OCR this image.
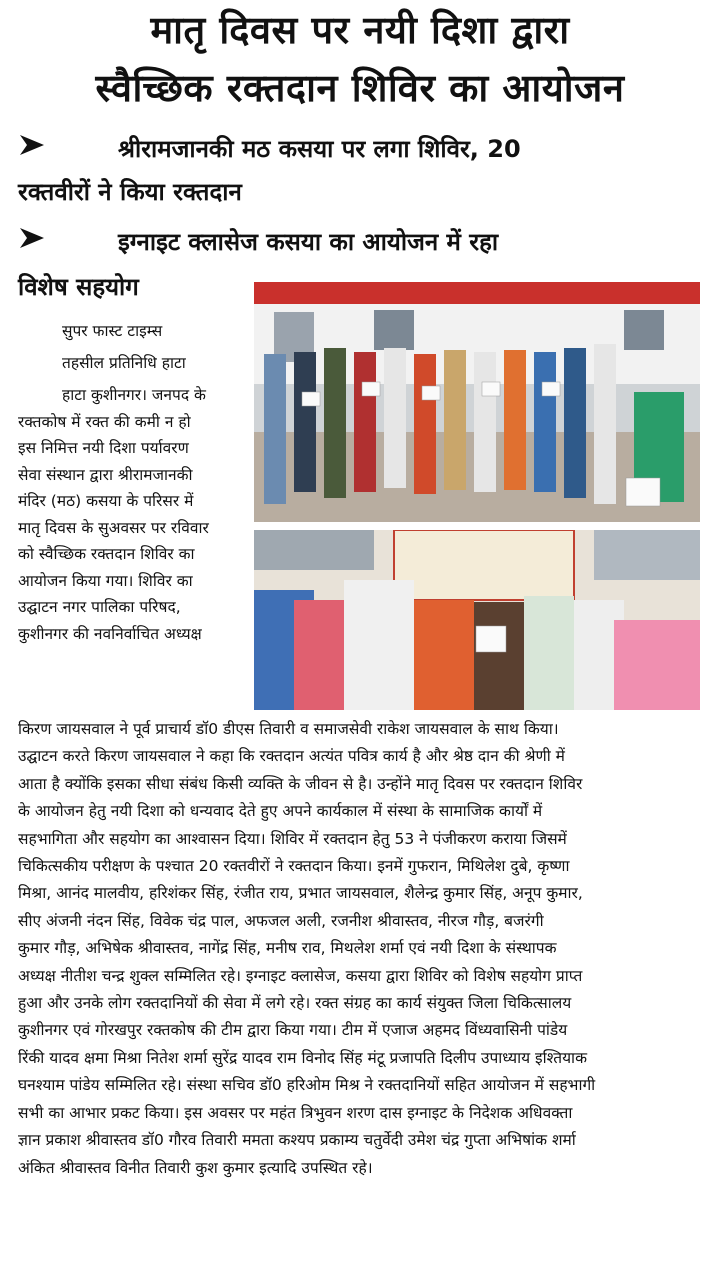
मातृ दिवस पर नयी दिशा द्वारा
स्वैच्छिक रक्तदान शिविर का आयोजन
श्रीरामजानकी मठ कसया पर लगा शिविर, 20
रक्तवीरों ने किया रक्तदान
इग्नाइट क्लासेज कसया का आयोजन में रहा
विशेष सहयोग
सुपर फास्ट टाइम्स
तहसील प्रतिनिधि हाटा
हाटा कुशीनगर। जनपद के
रक्तकोष में रक्त की कमी न हो
इस निमित्त नयी दिशा पर्यावरण
सेवा संस्थान द्वारा श्रीरामजानकी
मंदिर (मठ) कसया के परिसर में
मातृ दिवस के सुअवसर पर रविवार
को स्वैच्छिक रक्तदान शिविर का
आयोजन किया गया। शिविर का
उद्घाटन नगर पालिका परिषद,
कुशीनगर की नवनिर्वाचित अध्यक्ष
किरण जायसवाल ने पूर्व प्राचार्य डॉ0 डीएस तिवारी व समाजसेवी राकेश जायसवाल के साथ किया।
उद्घाटन करते किरण जायसवाल ने कहा कि रक्तदान अत्यंत पवित्र कार्य है और श्रेष्ठ दान की श्रेणी में
आता है क्योंकि इसका सीधा संबंध किसी व्यक्ति के जीवन से है। उन्होंने मातृ दिवस पर रक्तदान शिविर
के आयोजन हेतु नयी दिशा को धन्यवाद देते हुए अपने कार्यकाल में संस्था के सामाजिक कार्यों में
सहभागिता और सहयोग का आश्वासन दिया। शिविर में रक्तदान हेतु 53 ने पंजीकरण कराया जिसमें
चिकित्सकीय परीक्षण के पश्चात 20 रक्तवीरों ने रक्तदान किया। इनमें गुफरान, मिथिलेश दुबे, कृष्णा
मिश्रा, आनंद मालवीय, हरिशंकर सिंह, रंजीत राय, प्रभात जायसवाल, शैलेन्द्र कुमार सिंह, अनूप कुमार,
सीए अंजनी नंदन सिंह, विवेक चंद्र पाल, अफजल अली, रजनीश श्रीवास्तव, नीरज गौड़, बजरंगी
कुमार गौड़, अभिषेक श्रीवास्तव, नागेंद्र सिंह, मनीष राव, मिथलेश शर्मा एवं नयी दिशा के संस्थापक
अध्यक्ष नीतीश चन्द्र शुक्ल सम्मिलित रहे। इग्नाइट क्लासेज, कसया द्वारा शिविर को विशेष सहयोग प्राप्त
हुआ और उनके लोग रक्तदानियों की सेवा में लगे रहे। रक्त संग्रह का कार्य संयुक्त जिला चिकित्सालय
कुशीनगर एवं गोरखपुर रक्तकोष की टीम द्वारा किया गया। टीम में एजाज अहमद विंध्यवासिनी पांडेय
रिंकी यादव क्षमा मिश्रा नितेश शर्मा सुरेंद्र यादव राम विनोद सिंह मंटू प्रजापति दिलीप उपाध्याय इश्तियाक
घनश्याम पांडेय सम्मिलित रहे। संस्था सचिव डॉ0 हरिओम मिश्र ने रक्तदानियों सहित आयोजन में सहभागी
सभी का आभार प्रकट किया। इस अवसर पर महंत त्रिभुवन शरण दास इग्नाइट के निदेशक अधिवक्ता
ज्ञान प्रकाश श्रीवास्तव डॉ0 गौरव तिवारी ममता कश्यप प्रकाम्य चतुर्वेदी उमेश चंद्र गुप्ता अभिषांक शर्मा
अंकित श्रीवास्तव विनीत तिवारी कुश कुमार इत्यादि उपस्थित रहे।
